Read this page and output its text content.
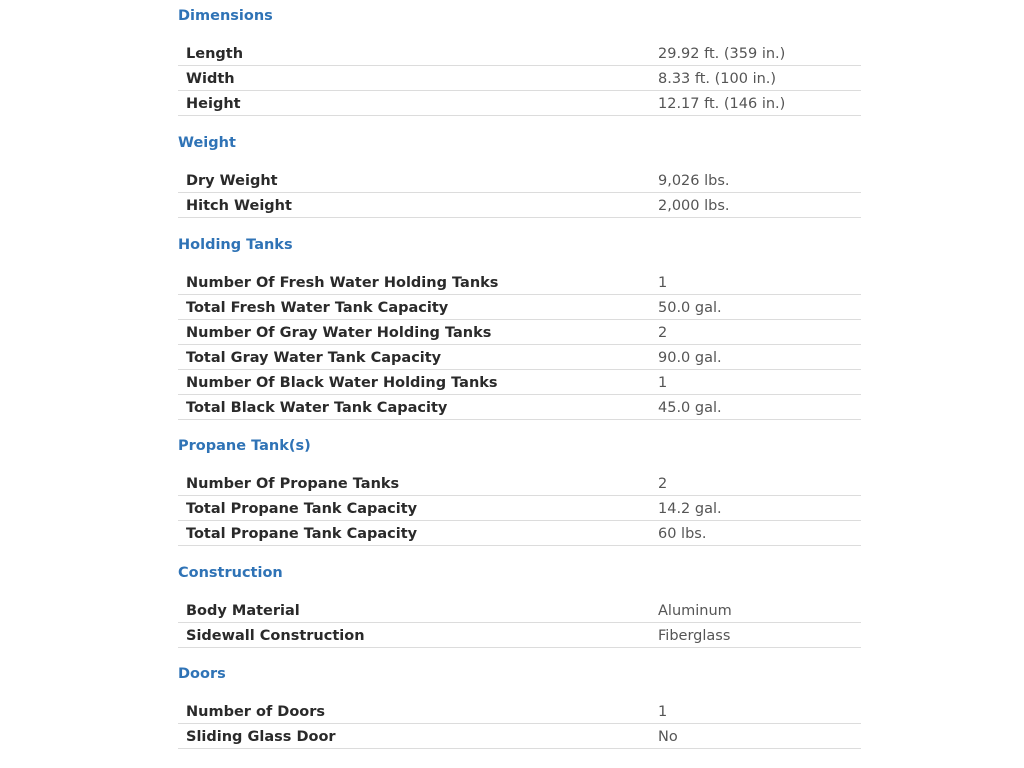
Dimensions
Length	29.92 ft. (359 in.)
Width	8.33 ft. (100 in.)
Height	12.17 ft. (146 in.)
Weight
Dry Weight	9,026 lbs.
Hitch Weight	2,000 lbs.
Holding Tanks
Number Of Fresh Water Holding Tanks	1
Total Fresh Water Tank Capacity	50.0 gal.
Number Of Gray Water Holding Tanks	2
Total Gray Water Tank Capacity	90.0 gal.
Number Of Black Water Holding Tanks	1
Total Black Water Tank Capacity	45.0 gal.
Propane Tank(s)
Number Of Propane Tanks	2
Total Propane Tank Capacity	14.2 gal.
Total Propane Tank Capacity	60 lbs.
Construction
Body Material	Aluminum
Sidewall Construction	Fiberglass
Doors
Number of Doors	1
Sliding Glass Door	No
